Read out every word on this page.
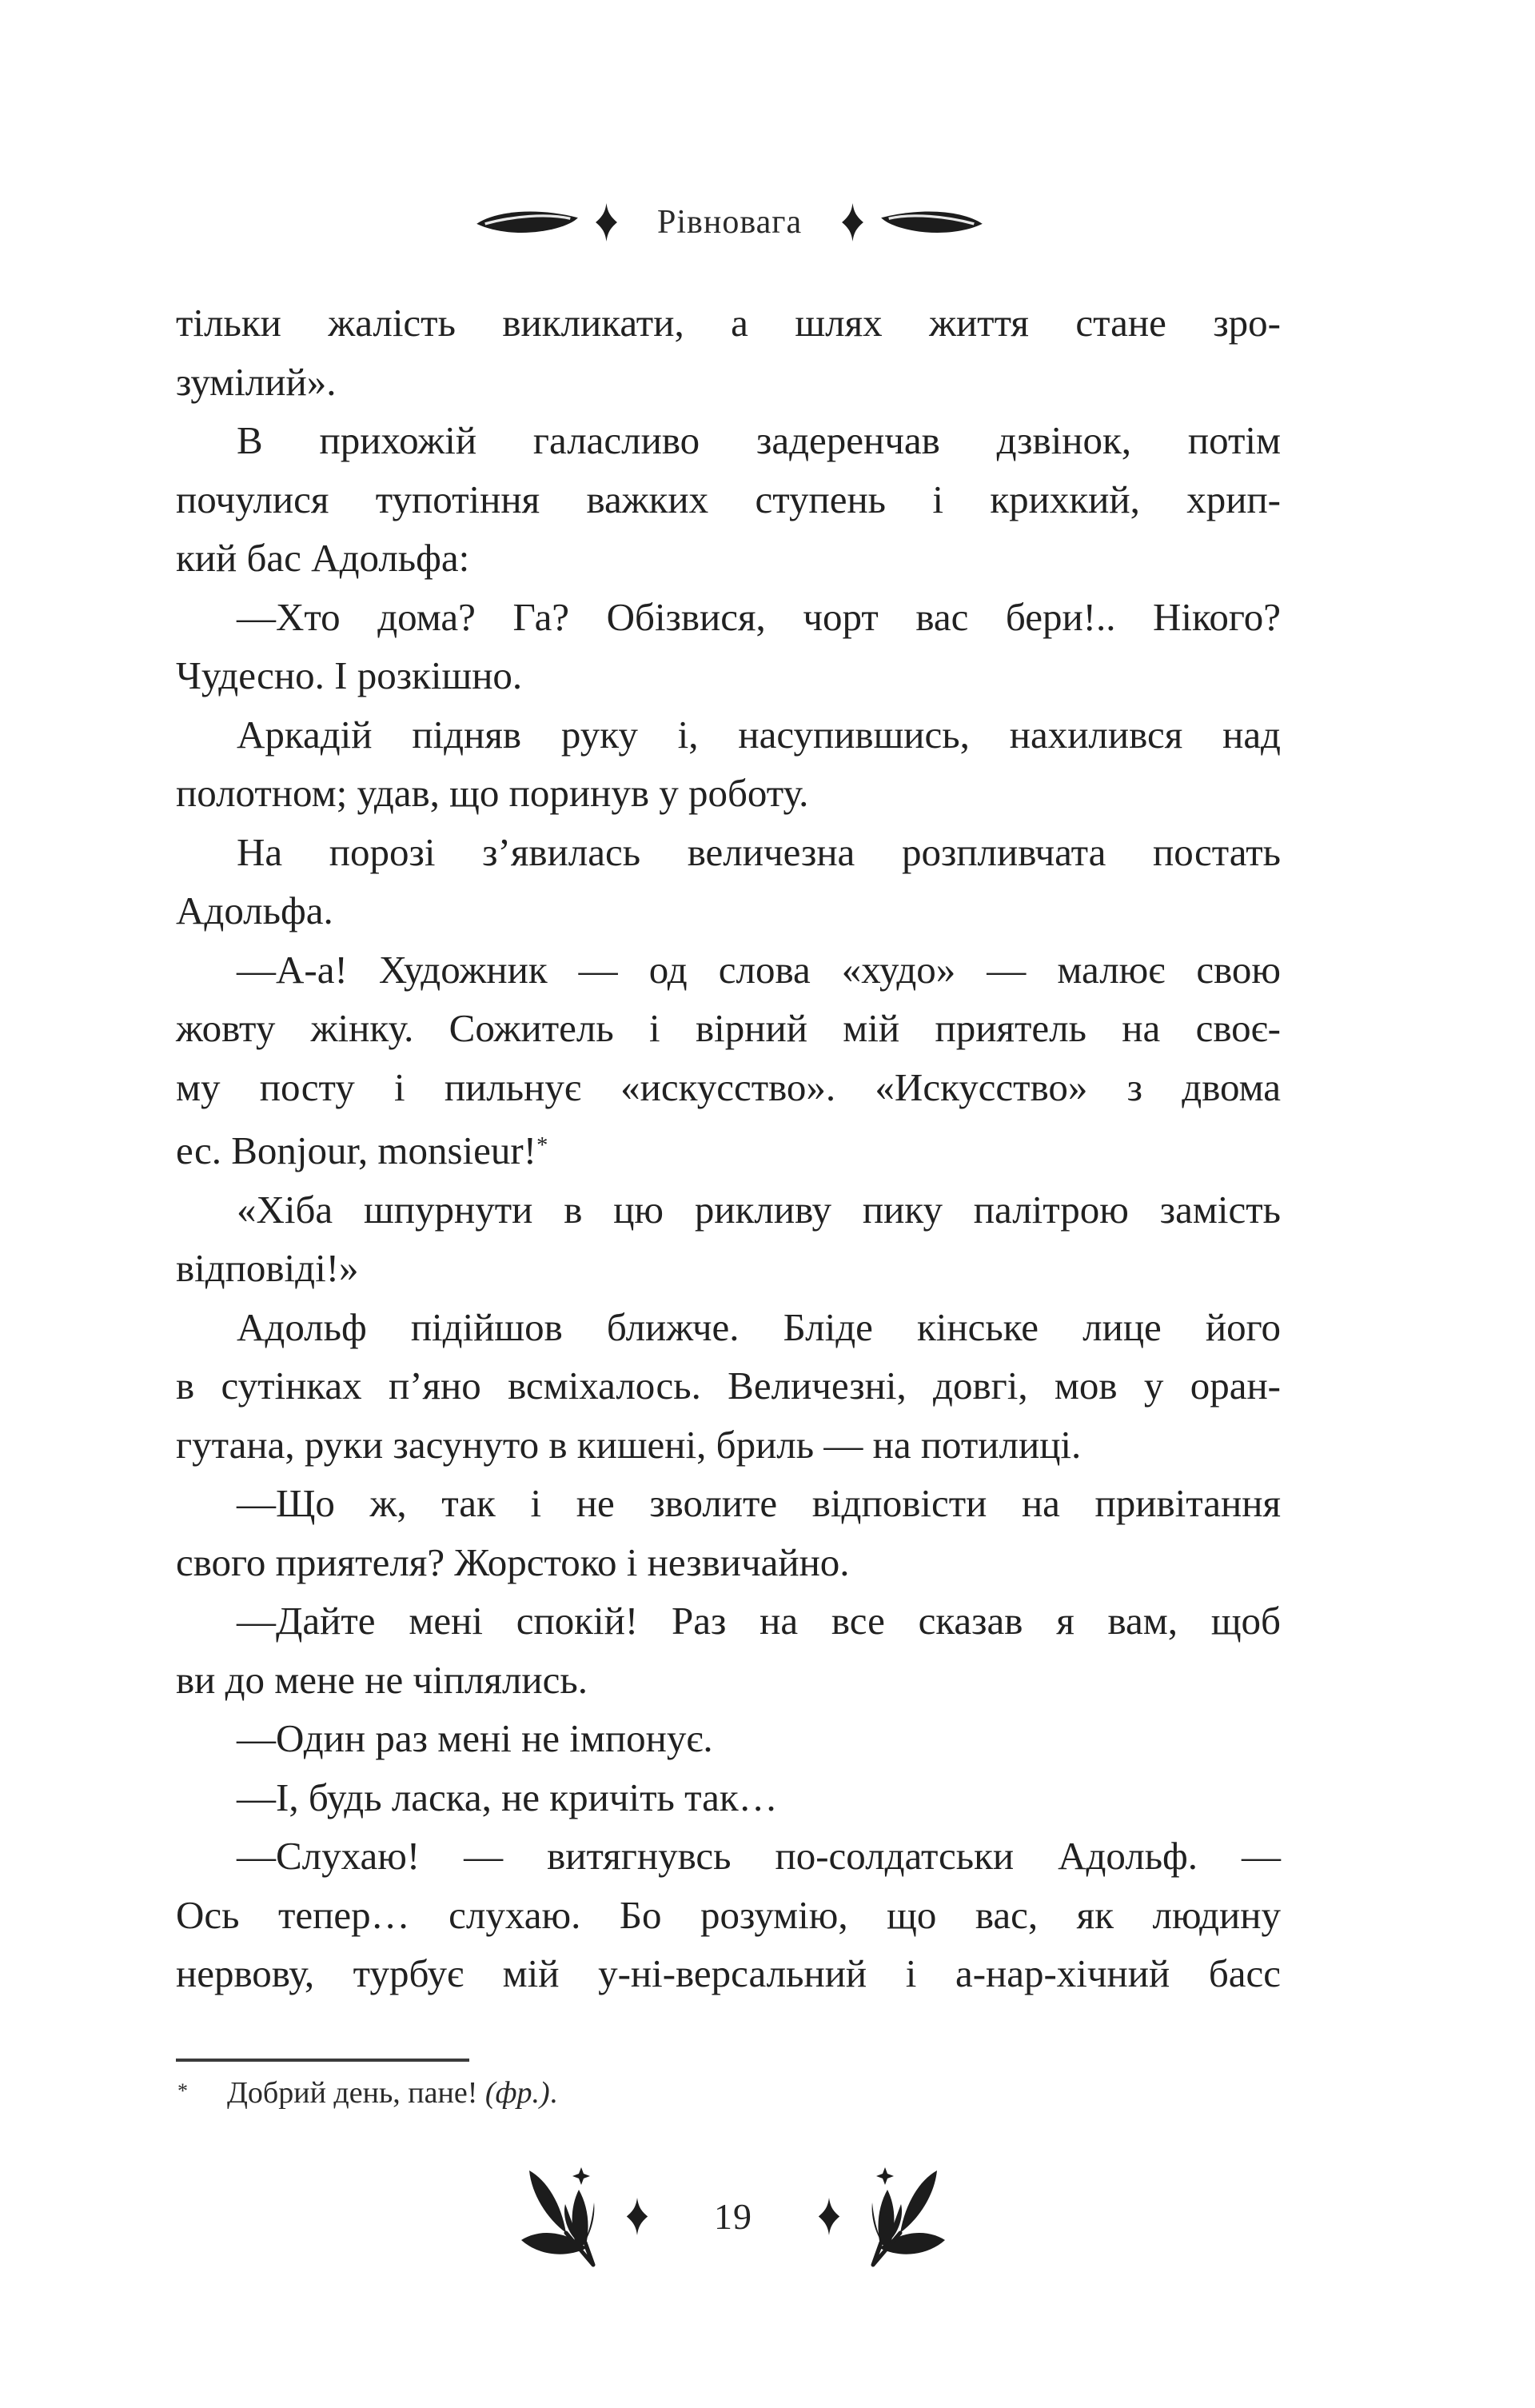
Рівновага
тільки жалість викликати, а шлях життя стане зро-
зумілий».
В прихожій галасливо задеренчав дзвінок, потім
почулися тупотіння важких ступень і крихкий, хрип-
кий бас Адольфа:
—Хто дома? Га? Обізвися, чорт вас бери!.. Нікого?
Чудесно. І розкішно.
Аркадій підняв руку і, насупившись, нахилився над
полотном; удав, що поринув у роботу.
На порозі з’явилась величезна розпливчата постать
Адольфа.
—А-а! Художник — од слова «худо» — малює свою
жовту жінку. Сожитель і вірний мій приятель на своє-
му посту і пильнує «искусство». «Искусство» з двома
ес. Bonjour, monsieur!*
«Хіба шпурнути в цю рикливу пику палітрою замість
відповіді!»
Адольф підійшов ближче. Бліде кінське лице його
в сутінках п’яно всміхалось. Величезні, довгі, мов у оран-
гутана, руки засунуто в кишені, бриль — на потилиці.
—Що ж, так і не зволите відповісти на привітання
свого приятеля? Жорстоко і незвичайно.
—Дайте мені спокій! Раз на все сказав я вам, щоб
ви до мене не чіплялись.
—Один раз мені не імпонує.
—І, будь ласка, не кричіть так…
—Слухаю! — витягнувсь по-солдатськи Адольф. —
Ось тепер… слухаю. Бо розумію, що вас, як людину
нервову, турбує мій у-ні-версальний і а-нар-хічний басс
* Добрий день, пане! (фр.).
19
